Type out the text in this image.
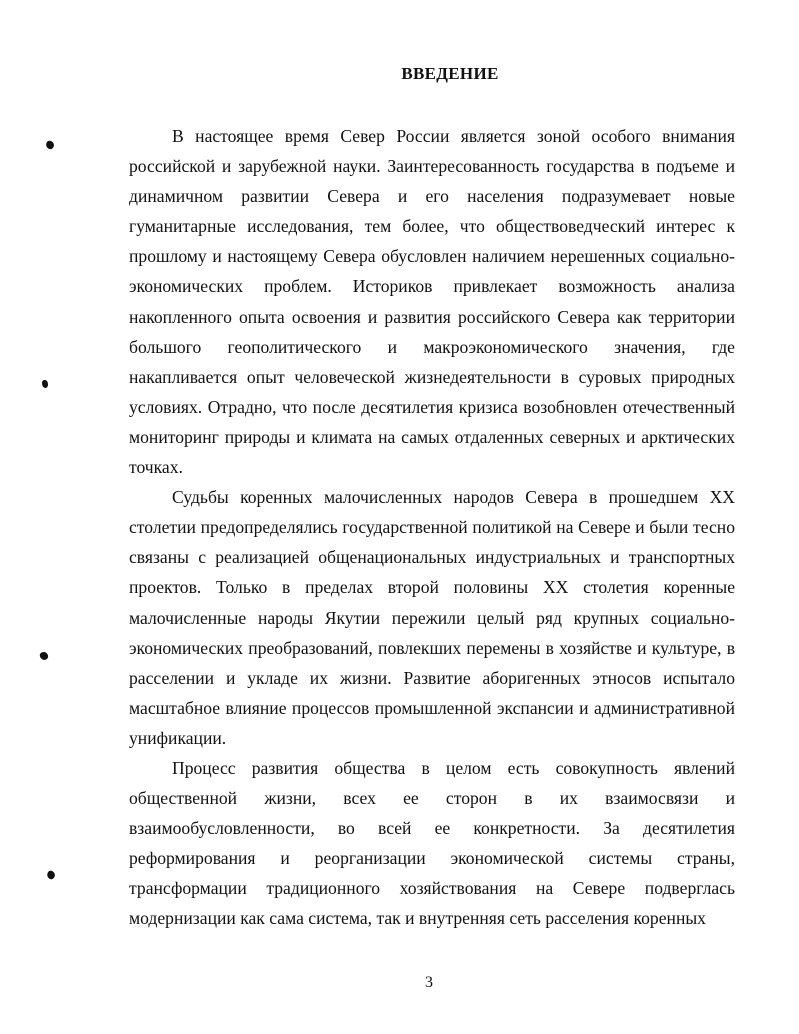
ВВЕДЕНИЕ

В настоящее время Север России является зоной особого внимания российской и зарубежной науки. Заинтересованность государства в подъеме и динамичном развитии Севера и его населения подразумевает новые гуманитарные исследования, тем более, что обществоведческий интерес к прошлому и настоящему Севера обусловлен наличием нерешенных социально-экономических проблем. Историков привлекает возможность анализа накопленного опыта освоения и развития российского Севера как территории большого геополитического и макроэкономического значения, где накапливается опыт человеческой жизнедеятельности в суровых природных условиях. Отрадно, что после десятилетия кризиса возобновлен отечественный мониторинг природы и климата на самых отдаленных северных и арктических точках.

Судьбы коренных малочисленных народов Севера в прошедшем XX столетии предопределялись государственной политикой на Севере и были тесно связаны с реализацией общенациональных индустриальных и транспортных проектов. Только в пределах второй половины XX столетия коренные малочисленные народы Якутии пережили целый ряд крупных социально-экономических преобразований, повлекших перемены в хозяйстве и культуре, в расселении и укладе их жизни. Развитие аборигенных этносов испытало масштабное влияние процессов промышленной экспансии и административной унификации.

Процесс развития общества в целом есть совокупность явлений общественной жизни, всех ее сторон в их взаимосвязи и взаимообусловленности, во всей ее конкретности. За десятилетия реформирования и реорганизации экономической системы страны, трансформации традиционного хозяйствования на Севере подверглась модернизации как сама система, так и внутренняя сеть расселения коренных

3
